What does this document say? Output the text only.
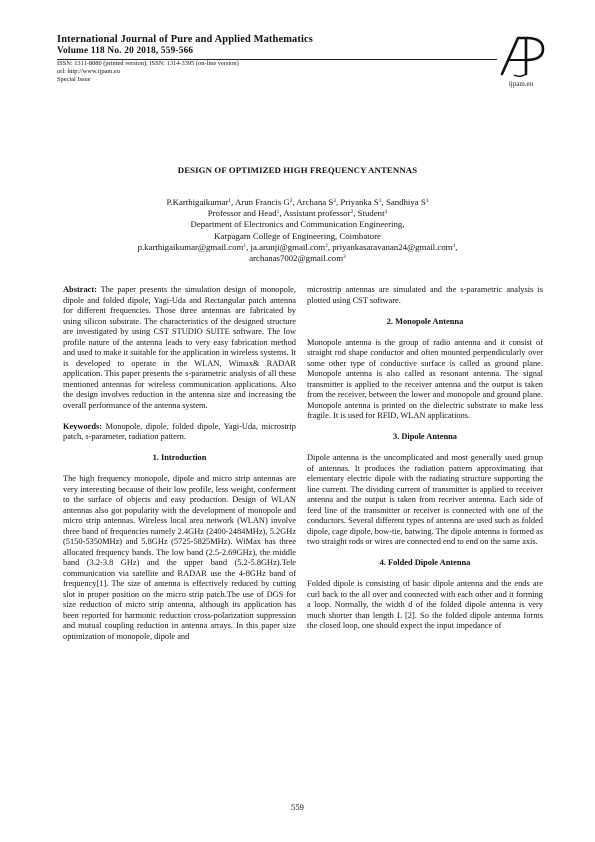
International Journal of Pure and Applied Mathematics
Volume 118 No. 20 2018, 559-566
ISSN: 1311-8080 (printed version); ISSN: 1314-3395 (on-line version)
url: http://www.ijpam.eu
Special Issue
ijpam.eu
DESIGN OF OPTIMIZED HIGH FREQUENCY ANTENNAS
P.Karthigaikumar$^1$, Arun Francis $G^2$, Archana $S^3$, Priyanka $S^3$, Sandhiya $S^3$
Professor and Head$^1$, Assistant professor$^2$, Student$^3$
Department of Electronics and Communication Engineering,
Karpagam College of Engineering, Coimbatore
p.karthigaikumar@gmail.com$^1$, ja.arunji@gmail.com$^2$, priyankasaravanan24@gmail.com$^3$,
archanas7002@gmail.com$^3$

Abstract: The paper presents the simulation design of monopole, dipole and folded dipole, Yagi-Uda and Rectangular patch antenna for different frequencies. Those three antennas are fabricated by using silicon substrate. The characteristics of the designed structure are investigated by using CST STUDIO SUITE software. The low profile nature of the antenna leads to very easy fabrication method and used to make it suitable for the application in wireless systems. It is developed to operate in the WLAN, Wimax& RADAR application. This paper presents the s-parametric analysis of all these mentioned antennas for wireless communication applications. Also the design involves reduction in the antenna size and increasing the overall performance of the antenna system.

Keywords: Monopole, dipole, folded dipole, Yagi-Uda, microstrip patch, s-parameter, radiation pattern.

1. Introduction

The high frequency monopole, dipole and micro strip antennas are very interesting because of their low profile, less weight, conferment to the surface of objects and easy production. Design of WLAN antennas also got popularity with the development of monopole and micro strip antennas. Wireless local area network (WLAN) involve three band of frequencies namely 2.4GHz (2400-2484MHz), 5.2GHz (5150-5350MHz) and 5.8GHz (5725-5825MHz). WiMax has three allocated frequency bands. The low band (2.5-2.69GHz), the middle band (3.2-3.8 GHz) and the upper band (5.2-5.8GHz).Tele communication via satellite and RADAR use the 4-8GHz band of frequency[1]. The size of antenna is effectively reduced by cutting slot in proper position on the micro strip patch.The use of DGS for size reduction of micro strip antenna, although its application has been reported for harmonic reduction cross-polarization suppression and mutual coupling reduction in antenna arrays. In this paper size optimization of monopole, dipole and

microstrip antennas are simulated and the s-parametric analysis is plotted using CST software.

2. Monopole Antenna

Monopole antenna is the group of radio antenna and it consist of straight rod shape conductor and often mounted perpendicularly over some other type of conductive surface is called as ground plane. Monopole antenna is also called as resonant antenna. The signal transmitter is applied to the receiver antenna and the output is taken from the receiver, between the lower and monopole and ground plane. Monopole antenna is printed on the dielectric substrate to make less fragile. It is used for RFID, WLAN applications.

3. Dipole Antenna

Dipole antenna is the uncomplicated and most generally used group of antennas. It produces the radiation pattern approximating that elementary electric dipole with the radiating structure supporting the line current. The dividing current of transmitter is applied to receiver antenna and the output is taken from receiver antenna. Each side of feed line of the transmitter or receiver is connected with one of the conductors. Several different types of antenna are used such as folded dipole, cage dipole, bow-tie, batwing. The dipole antenna is formed as two straight rods or wires are connected end to end on the same axis.

4. Folded Dipole Antenna

Folded dipole is consisting of basic dipole antenna and the ends are curl back to the all over and connected with each other and it forming a loop. Normally, the width d of the folded dipole antenna is very much shorter than length L [2]. So the folded dipole antenna forms the closed loop, one should expect the input impedance of

559
